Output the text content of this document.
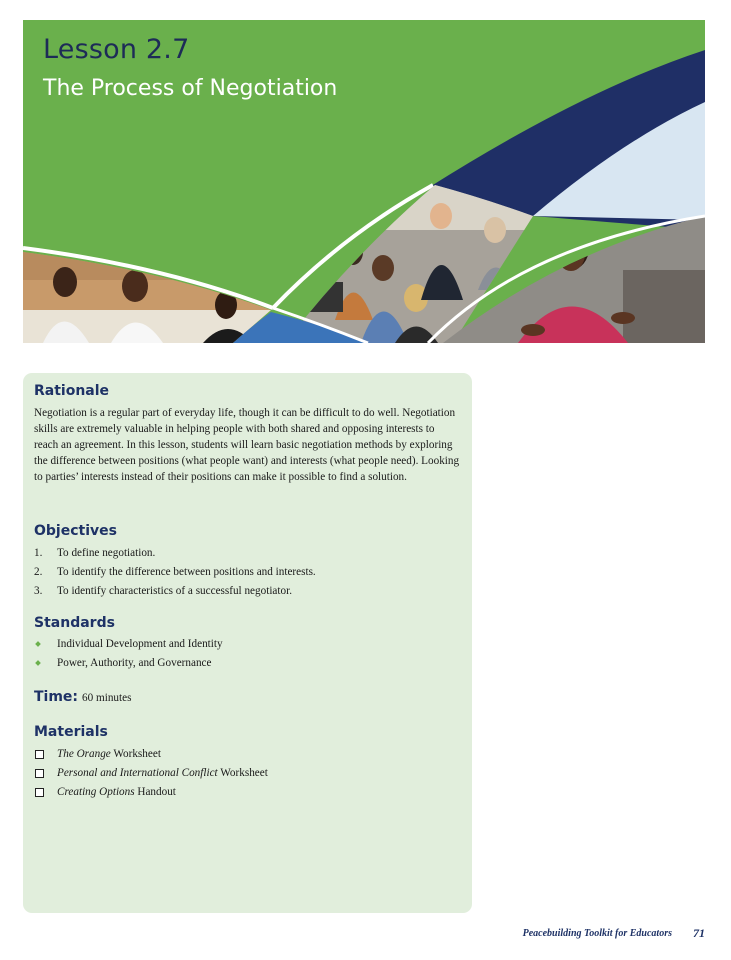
Lesson 2.7
The Process of Negotiation
Rationale
Negotiation is a regular part of everyday life, though it can be difficult to do well. Negotiation skills are extremely valuable in helping people with both shared and opposing interests to reach an agreement. In this lesson, students will learn basic negotiation methods by exploring the difference between positions (what people want) and interests (what people need). Looking to parties’ interests instead of their positions can make it possible to find a solution.
Objectives
1.	To define negotiation.
2.	To identify the difference between positions and interests.
3.	To identify characteristics of a successful negotiator.
Standards
Individual Development and Identity
Power, Authority, and Governance
Time: 60 minutes
Materials
The Orange Worksheet
Personal and International Conflict Worksheet
Creating Options Handout
Peacebuilding Toolkit for Educators 71
